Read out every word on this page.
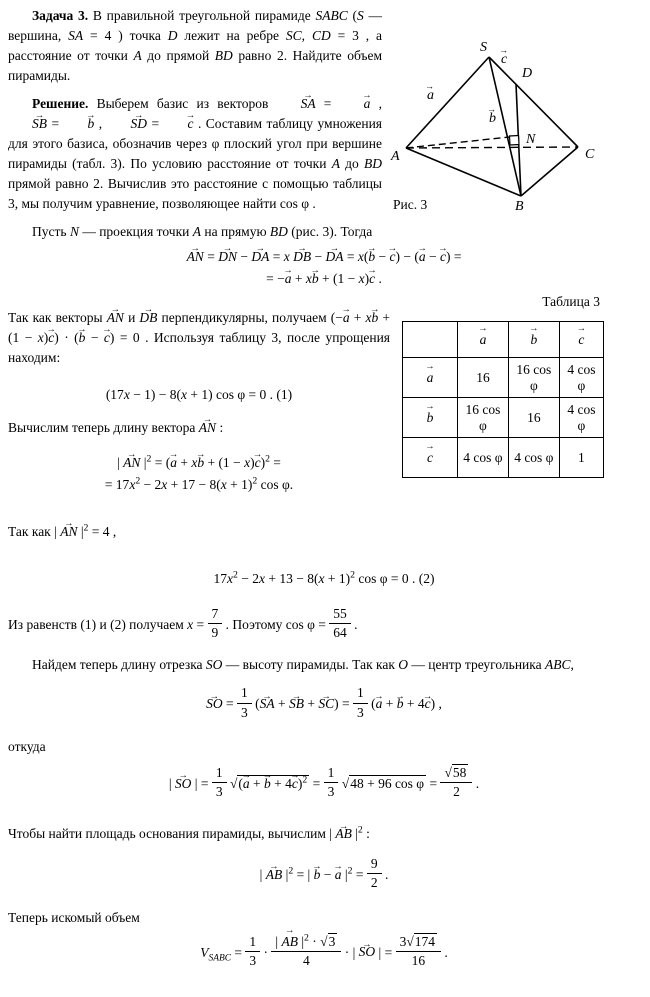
S
A
B
C
D
N
a
b
c
→
→
→
Рис. 3

Задача 3. В правильной треугольной пирамиде SABC (S — вершина, SA = 4 ) точка D лежит на ребре SC, CD = 3 , а расстояние от точки A до прямой BD равно 2. Найдите объем пирамиды.

Решение. Выберем базис из векторов → SA = → a , → SB = → b , → SD = → c . Составим таблицу умножения для этого базиса, обозначив через φ плоский угол при вершине пирамиды (табл. 3). По условию расстояние от точки A до BD прямой равно 2. Вычислив это расстояние с помощью таблицы 3, мы получим уравнение, позволяющее найти cos φ .

Пусть N — проекция точки A на прямую BD (рис. 3). Тогда

→ AN = → DN − → DA = x → DB − → DA = x(→ b − → c) − (→ a − → c) =
= −→ a + x→ b + (1 − x)→ c .
Таблица 3
	→ a	→ b	→ c
→ a	16	16 cos φ	4 cos φ
→ b	16 cos φ	16	4 cos φ
→ c	4 cos φ	4 cos φ	1

Так как векторы → AN и → DB перпендикулярны, получаем (−→ a + x→ b + (1 − x)→ c) · (→ b − → c) = 0 . Используя таблицу 3, после упрощения находим:

(17x − 1) − 8(x + 1) cos φ = 0 . (1)

Вычислим теперь длину вектора → AN :

| → AN $|^2$ = (→ a + x→ b + (1 − x)→ c)$^2$ =
= $17x^2 - 2x + 17 - 8(x + 1)^2$ cos φ.

Так как | → AN $|^2 = 4$ ,

$17x^2 - 2x + 13 - 8(x + 1)^2$ cos φ = 0 . (2)

Из равенств (1) и (2) получаем $x = \frac{7}{9}$ . Поэтому $\cos \varphi = \frac{55}{64}$ .

Найдем теперь длину отрезка SO — высоту пирамиды. Так как O — центр треугольника ABC,

→ SO = $\frac{1}{3}$ (→ SA + → SB + → $SC) = \frac{1}{3}$ (→ a + → b + 4→ c) ,

откуда

| → SO | = $\frac{1}{3}$ √(→ a + → $b + 4\to c)^2 = \frac{1}{3} √48 + 96$ $\cos \varphi = \frac{√58}{2}$ .

Чтобы найти площадь основания пирамиды, вычислим | → AB $|^2$ :

| → AB $|^2$ = | → b − → a $|^2 = \frac{9}{2}$ .

Теперь искомый объем

$V_{SABC} = \frac{1}{3} \cdot \frac{| \to AB |^2 \cdot √3}{4}$ · | → SO | = $\frac{3√174}{16}$ .
